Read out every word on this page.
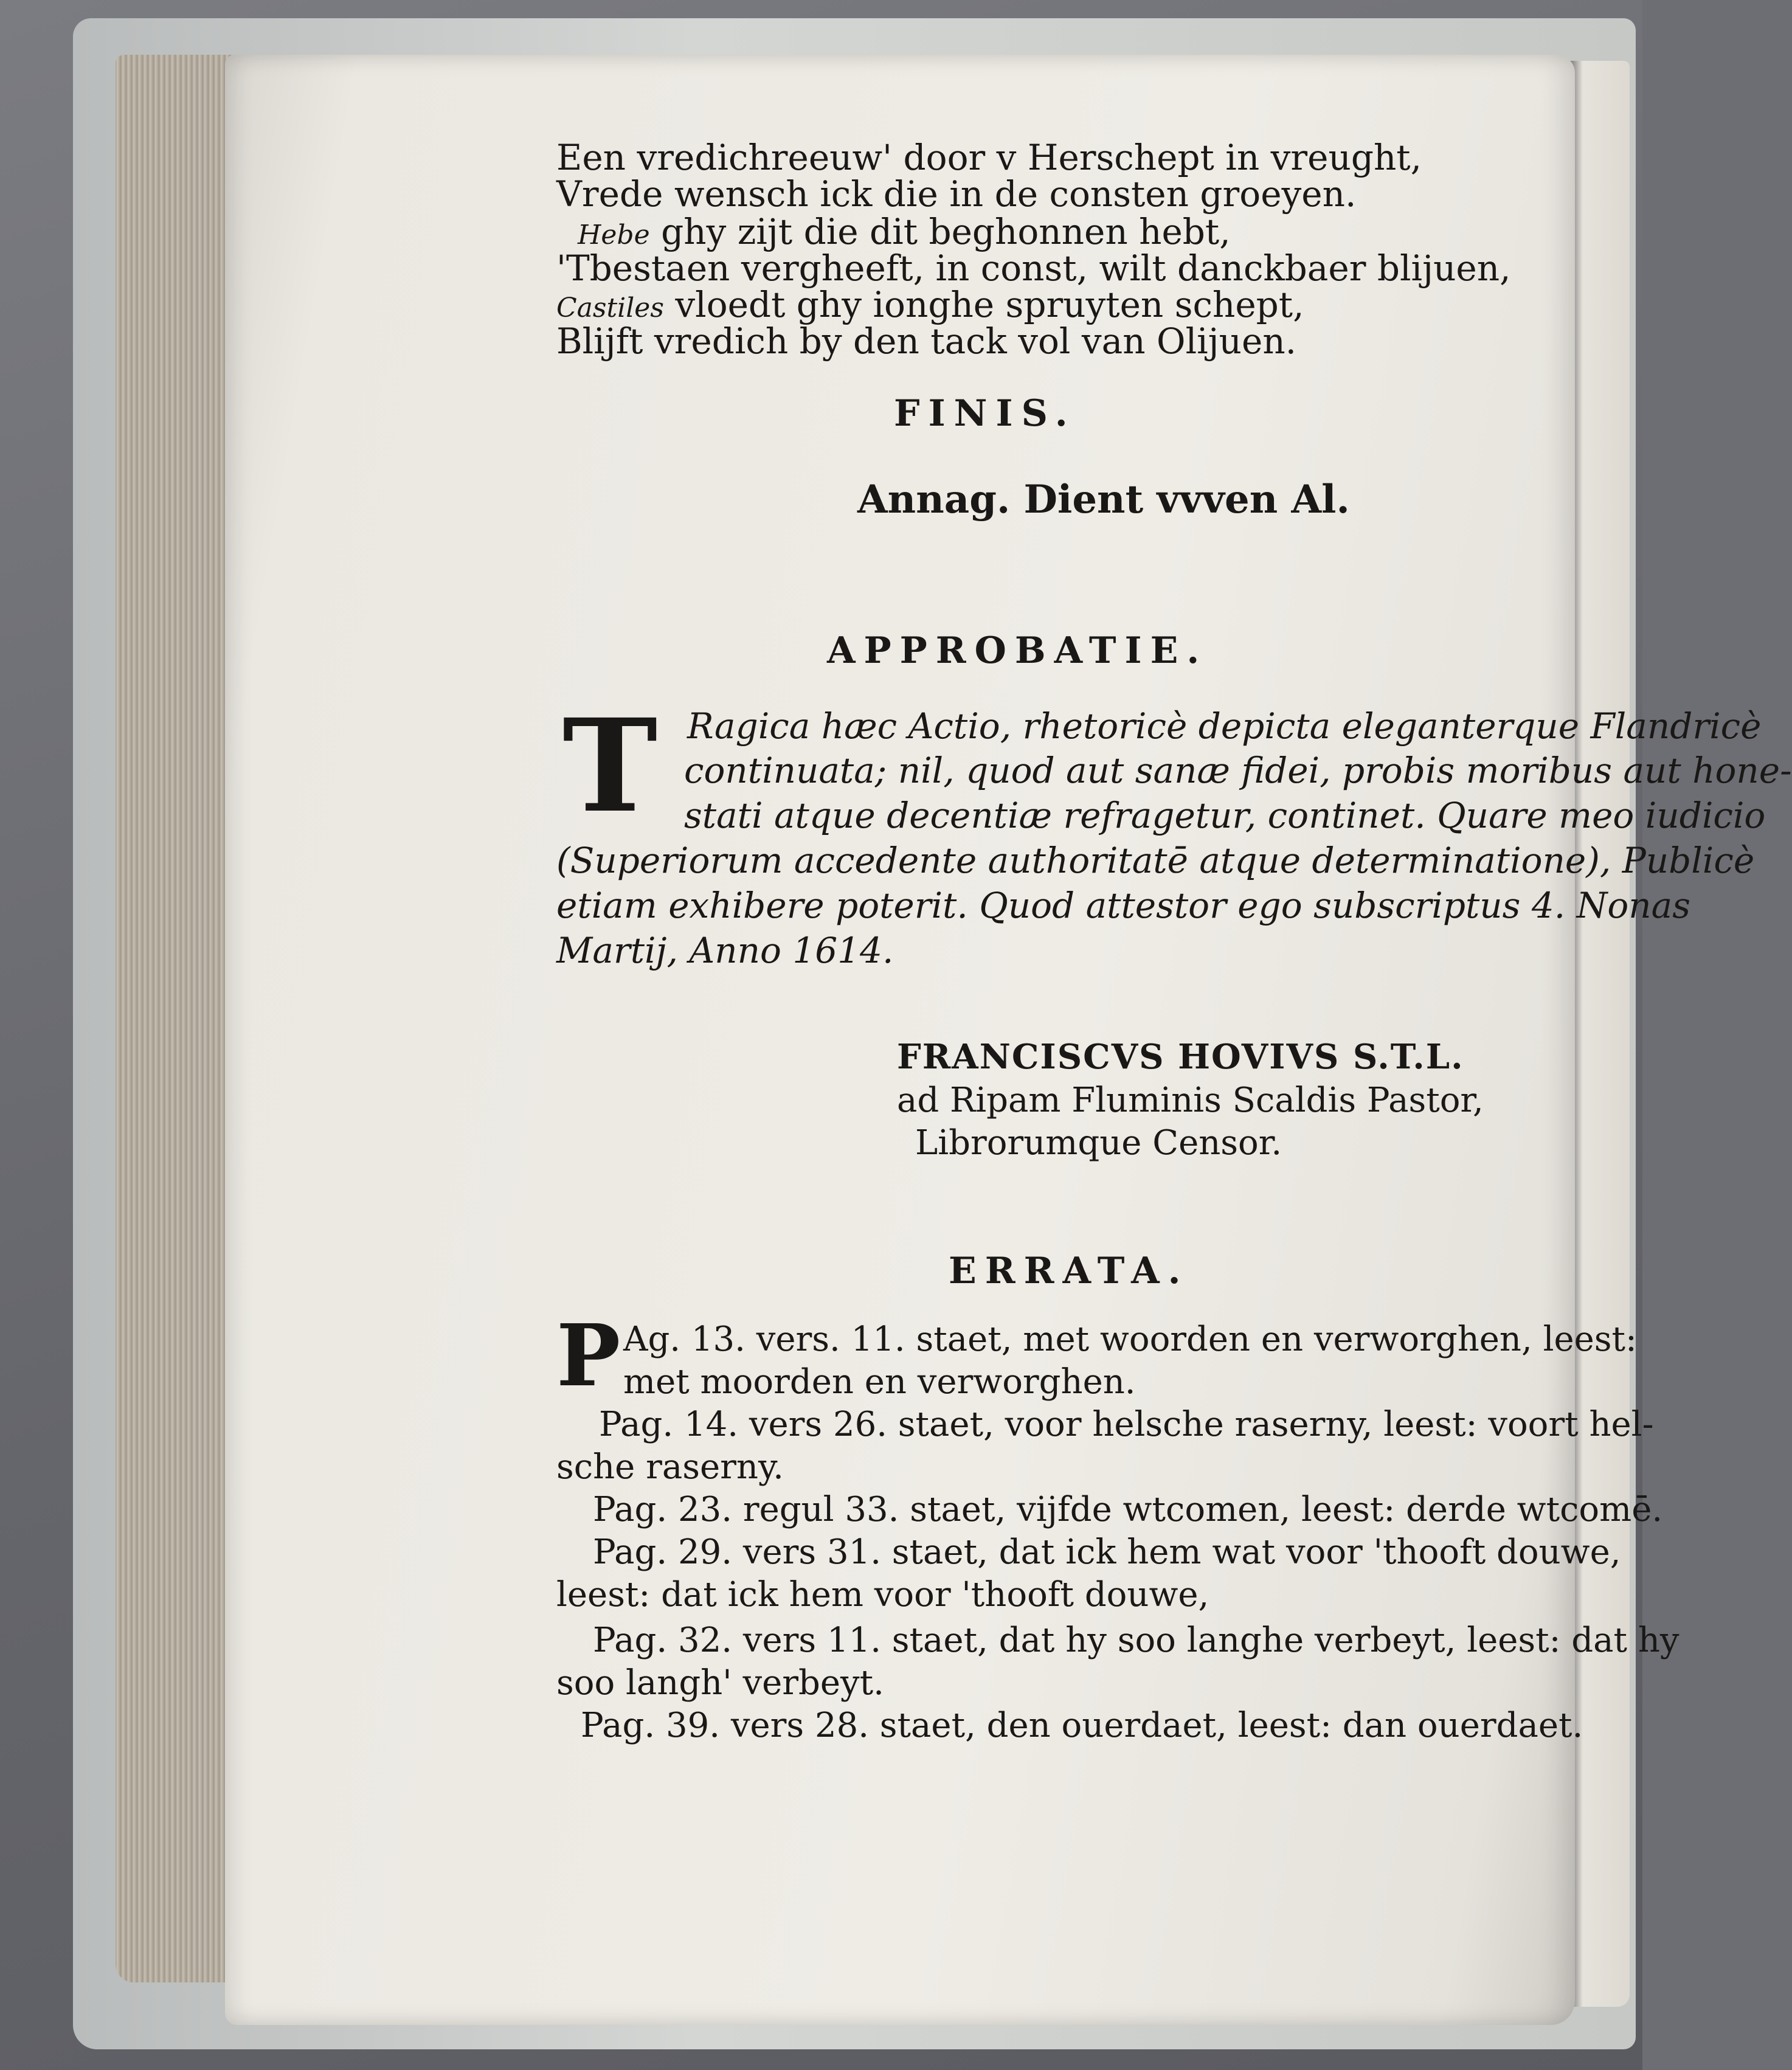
Een vredichreeuw' door v Herschept in vreught,
Vrede wensch ick die in de consten groeyen.
Hebe ghy zijt die dit beghonnen hebt,
'Tbestaen vergheeft, in const, wilt danckbaer blijuen,
Castiles vloedt ghy ionghe spruyten schept,
Blijft vredich by den tack vol van Olijuen.
FINIS.
Annag. Dient vvven Al.
APPROBATIE.
T Ragica hæc Actio, rhetoricè depicta eleganterque Flandricè
continuata; nil, quod aut sanæ fidei, probis moribus aut hone-
stati atque decentiæ refragetur, continet. Quare meo iudicio
(Superiorum accedente authoritatē atque determinatione), Publicè
etiam exhibere poterit. Quod attestor ego subscriptus 4. Nonas
Martij, Anno 1614.
FRANCISCVS HOVIVS S.T.L.
ad Ripam Fluminis Scaldis Pastor,
Librorumque Censor.
ERRATA.
P Ag. 13. vers. 11. staet, met woorden en verworghen, leest:
met moorden en verworghen.
Pag. 14. vers 26. staet, voor helsche raserny, leest: voort hel-
sche raserny.
Pag. 23. regul 33. staet, vijfde wtcomen, leest: derde wtcomē.
Pag. 29. vers 31. staet, dat ick hem wat voor 'thooft douwe,
leest: dat ick hem voor 'thooft douwe,
Pag. 32. vers 11. staet, dat hy soo langhe verbeyt, leest: dat hy
soo langh' verbeyt.
Pag. 39. vers 28. staet, den ouerdaet, leest: dan ouerdaet.
